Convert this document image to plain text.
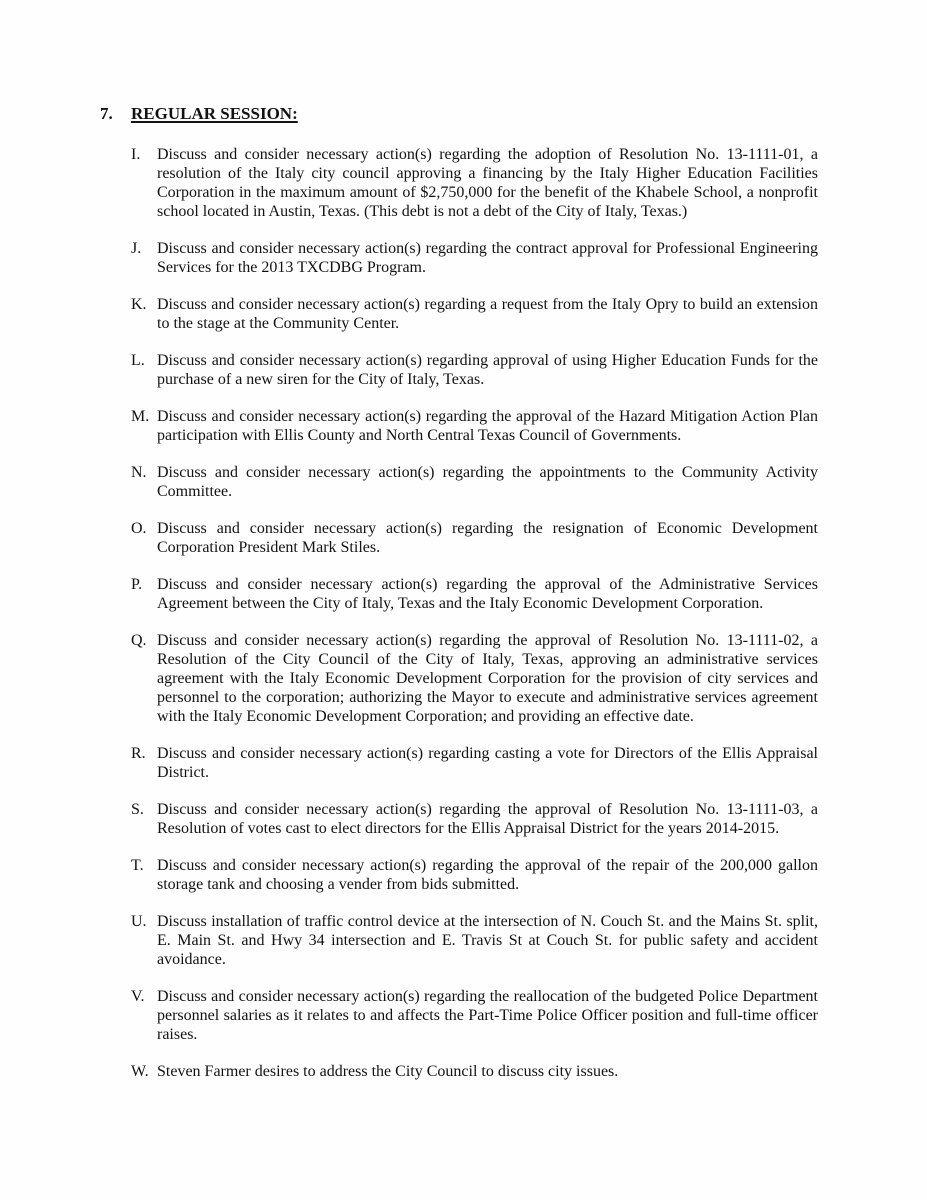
7.	REGULAR SESSION:
I.	Discuss and consider necessary action(s) regarding the adoption of Resolution No. 13-1111-01, a resolution of the Italy city council approving a financing by the Italy Higher Education Facilities Corporation in the maximum amount of $2,750,000 for the benefit of the Khabele School, a nonprofit school located in Austin, Texas. (This debt is not a debt of the City of Italy, Texas.)
J. Discuss and consider necessary action(s) regarding the contract approval for Professional Engineering Services for the 2013 TXCDBG Program.
K. Discuss and consider necessary action(s) regarding a request from the Italy Opry to build an extension to the stage at the Community Center.
L. Discuss and consider necessary action(s) regarding approval of using Higher Education Funds for the purchase of a new siren for the City of Italy, Texas.
M. Discuss and consider necessary action(s) regarding the approval of the Hazard Mitigation Action Plan participation with Ellis County and North Central Texas Council of Governments.
N. Discuss and consider necessary action(s) regarding the appointments to the Community Activity Committee.
O. Discuss and consider necessary action(s) regarding the resignation of Economic Development Corporation President Mark Stiles.
P. Discuss and consider necessary action(s) regarding the approval of the Administrative Services Agreement between the City of Italy, Texas and the Italy Economic Development Corporation.
Q. Discuss and consider necessary action(s) regarding the approval of Resolution No. 13-1111-02, a Resolution of the City Council of the City of Italy, Texas, approving an administrative services agreement with the Italy Economic Development Corporation for the provision of city services and personnel to the corporation; authorizing the Mayor to execute and administrative services agreement with the Italy Economic Development Corporation; and providing an effective date.
R. Discuss and consider necessary action(s) regarding casting a vote for Directors of the Ellis Appraisal District.
S. Discuss and consider necessary action(s) regarding the approval of Resolution No. 13-1111-03, a Resolution of votes cast to elect directors for the Ellis Appraisal District for the years 2014-2015.
T. Discuss and consider necessary action(s) regarding the approval of the repair of the 200,000 gallon storage tank and choosing a vender from bids submitted.
U. Discuss installation of traffic control device at the intersection of N. Couch St. and the Mains St. split, E. Main St. and Hwy 34 intersection and E. Travis St at Couch St. for public safety and accident avoidance.
V. Discuss and consider necessary action(s) regarding the reallocation of the budgeted Police Department personnel salaries as it relates to and affects the Part-Time Police Officer position and full-time officer raises.
W. Steven Farmer desires to address the City Council to discuss city issues.
